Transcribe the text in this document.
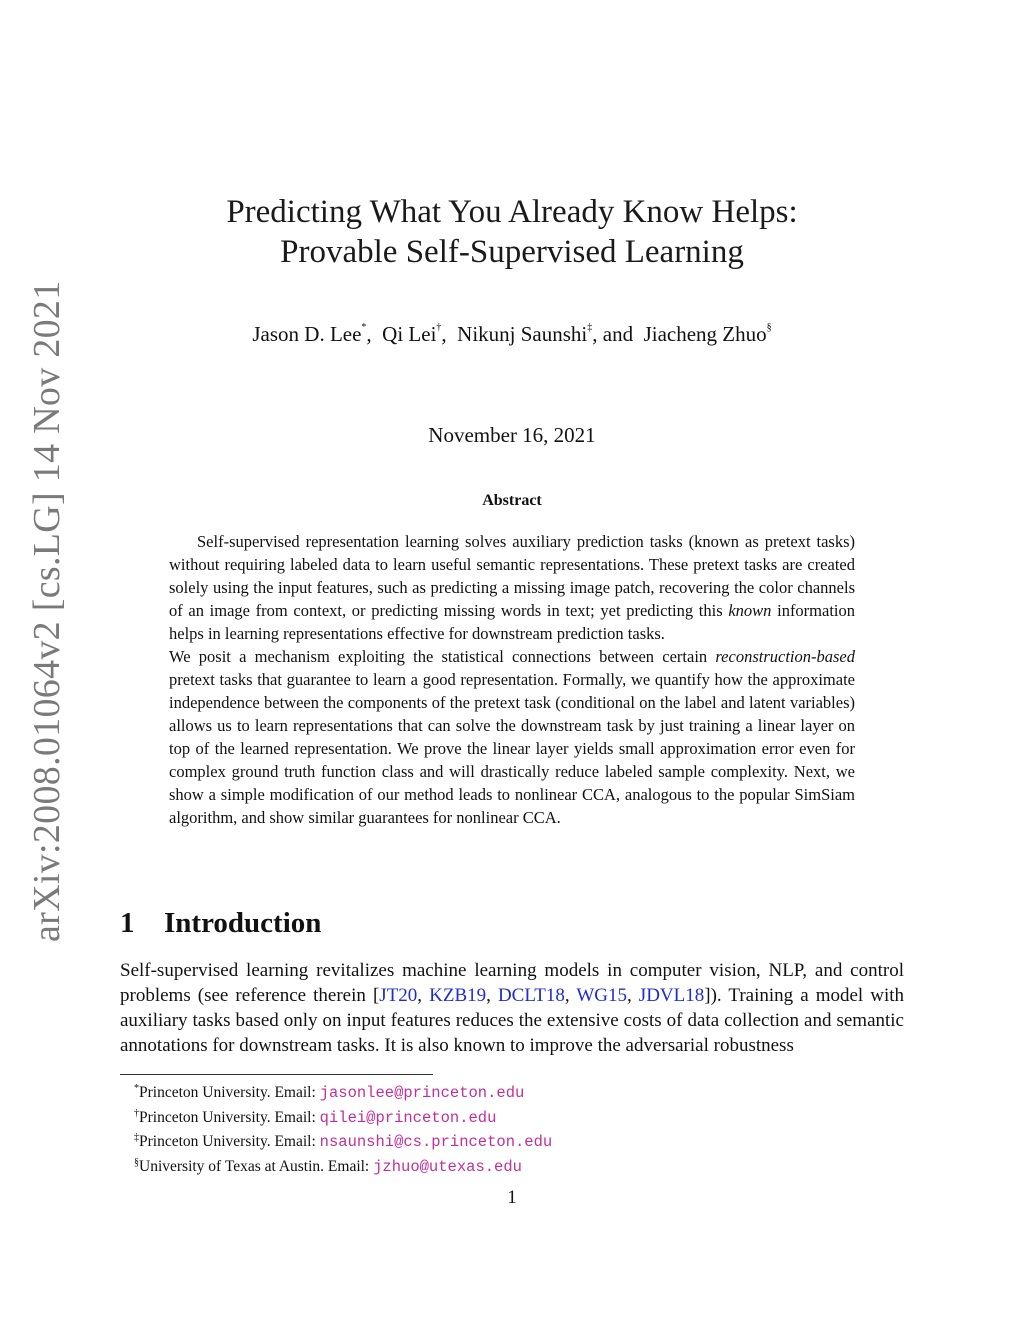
arXiv:2008.01064v2 [cs.LG] 14 Nov 2021
Predicting What You Already Know Helps:
Provable Self-Supervised Learning
Jason D. Lee*, Qi Lei†, Nikunj Saunshi‡, and Jiacheng Zhuo§
November 16, 2021
Abstract

Self-supervised representation learning solves auxiliary prediction tasks (known as pretext tasks) without requiring labeled data to learn useful semantic representations. These pretext tasks are created solely using the input features, such as predicting a missing image patch, recovering the color channels of an image from context, or predicting missing words in text; yet predicting this known information helps in learning representations effective for downstream prediction tasks.

We posit a mechanism exploiting the statistical connections between certain reconstruction-based pretext tasks that guarantee to learn a good representation. Formally, we quantify how the approximate independence between the components of the pretext task (conditional on the label and latent variables) allows us to learn representations that can solve the downstream task by just training a linear layer on top of the learned representation. We prove the linear layer yields small approximation error even for complex ground truth function class and will drastically reduce labeled sample complexity. Next, we show a simple modification of our method leads to nonlinear CCA, analogous to the popular SimSiam algorithm, and show similar guarantees for nonlinear CCA.

1 Introduction

Self-supervised learning revitalizes machine learning models in computer vision, NLP, and control problems (see reference therein [JT20, KZB19, DCLT18, WG15, JDVL18]). Training a model with auxiliary tasks based only on input features reduces the extensive costs of data collection and semantic annotations for downstream tasks. It is also known to improve the adversarial robustness

*Princeton University. Email: jasonlee@princeton.edu
†Princeton University. Email: qilei@princeton.edu
‡Princeton University. Email: nsaunshi@cs.princeton.edu
§University of Texas at Austin. Email: jzhuo@utexas.edu
1
